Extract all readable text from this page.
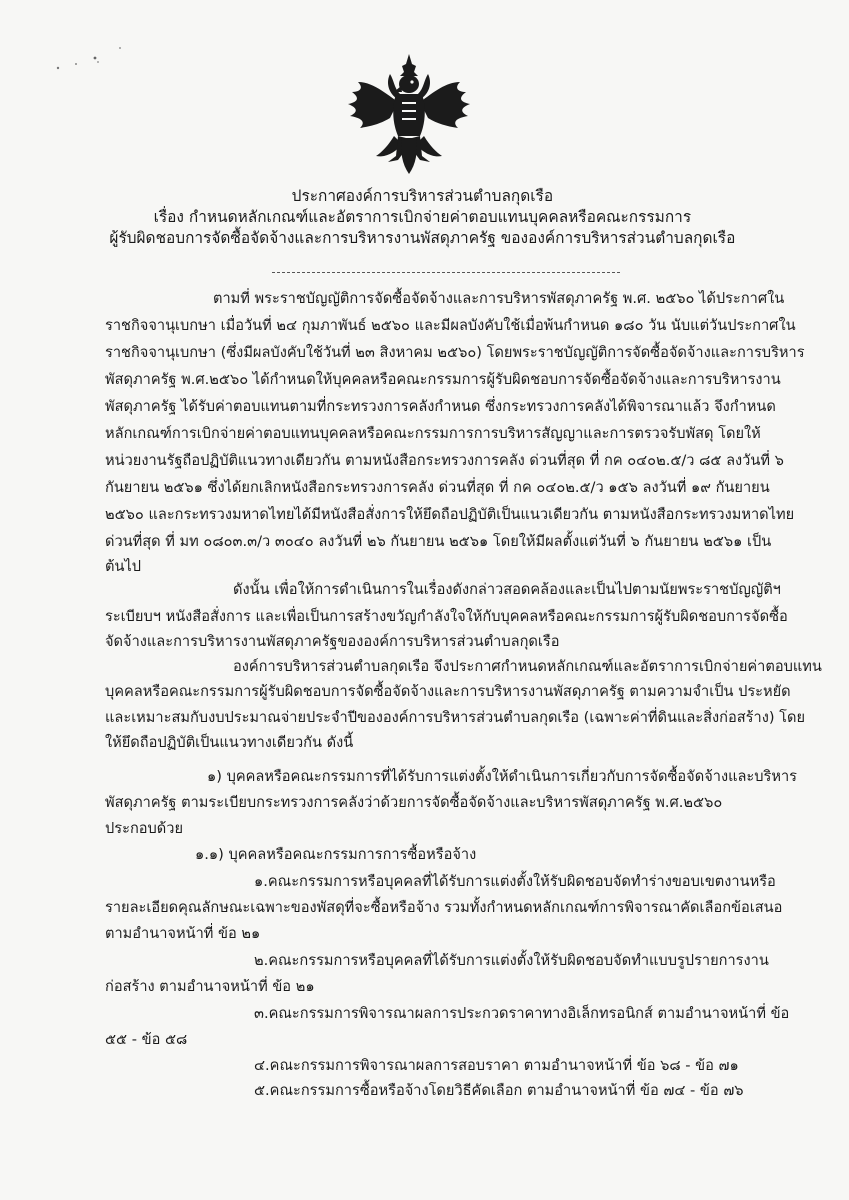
ประกาศองค์การบริหารส่วนตำบลกุดเรือ
เรื่อง กำหนดหลักเกณฑ์และอัตราการเบิกจ่ายค่าตอบแทนบุคคลหรือคณะกรรมการ
ผู้รับผิดชอบการจัดซื้อจัดจ้างและการบริหารงานพัสดุภาครัฐ ขององค์การบริหารส่วนตำบลกุดเรือ
ตามที่ พระราชบัญญัติการจัดซื้อจัดจ้างและการบริหารพัสดุภาครัฐ พ.ศ. ๒๕๖๐ ได้ประกาศใน
ราชกิจจานุเบกษา เมื่อวันที่ ๒๔ กุมภาพันธ์ ๒๕๖๐ และมีผลบังคับใช้เมื่อพ้นกำหนด ๑๘๐ วัน นับแต่วันประกาศใน
ราชกิจจานุเบกษา (ซึ่งมีผลบังคับใช้วันที่ ๒๓ สิงหาคม ๒๕๖๐) โดยพระราชบัญญัติการจัดซื้อจัดจ้างและการบริหาร
พัสดุภาครัฐ พ.ศ.๒๕๖๐ ได้กำหนดให้บุคคลหรือคณะกรรมการผู้รับผิดชอบการจัดซื้อจัดจ้างและการบริหารงาน
พัสดุภาครัฐ ได้รับค่าตอบแทนตามที่กระทรวงการคลังกำหนด ซึ่งกระทรวงการคลังได้พิจารณาแล้ว จึงกำหนด
หลักเกณฑ์การเบิกจ่ายค่าตอบแทนบุคคลหรือคณะกรรมการการบริหารสัญญาและการตรวจรับพัสดุ โดยให้
หน่วยงานรัฐถือปฏิบัติแนวทางเดียวกัน ตามหนังสือกระทรวงการคลัง ด่วนที่สุด ที่ กค ๐๔๐๒.๕/ว ๘๕ ลงวันที่ ๖
กันยายน ๒๕๖๑ ซึ่งได้ยกเลิกหนังสือกระทรวงการคลัง ด่วนที่สุด ที่ กค ๐๔๐๒.๕/ว ๑๕๖ ลงวันที่ ๑๙ กันยายน
๒๕๖๐ และกระทรวงมหาดไทยได้มีหนังสือสั่งการให้ยึดถือปฏิบัติเป็นแนวเดียวกัน ตามหนังสือกระทรวงมหาดไทย
ด่วนที่สุด ที่ มท ๐๘๐๓.๓/ว ๓๐๔๐ ลงวันที่ ๒๖ กันยายน ๒๕๖๑ โดยให้มีผลตั้งแต่วันที่ ๖ กันยายน ๒๕๖๑ เป็น
ต้นไป
ดังนั้น เพื่อให้การดำเนินการในเรื่องดังกล่าวสอดคล้องและเป็นไปตามนัยพระราชบัญญัติฯ
ระเบียบฯ หนังสือสั่งการ และเพื่อเป็นการสร้างขวัญกำลังใจให้กับบุคคลหรือคณะกรรมการผู้รับผิดชอบการจัดซื้อ
จัดจ้างและการบริหารงานพัสดุภาครัฐขององค์การบริหารส่วนตำบลกุดเรือ
องค์การบริหารส่วนตำบลกุดเรือ จึงประกาศกำหนดหลักเกณฑ์และอัตราการเบิกจ่ายค่าตอบแทน
บุคคลหรือคณะกรรมการผู้รับผิดชอบการจัดซื้อจัดจ้างและการบริหารงานพัสดุภาครัฐ ตามความจำเป็น ประหยัด
และเหมาะสมกับงบประมาณจ่ายประจำปีขององค์การบริหารส่วนตำบลกุดเรือ (เฉพาะค่าที่ดินและสิ่งก่อสร้าง) โดย
ให้ยึดถือปฏิบัติเป็นแนวทางเดียวกัน ดังนี้
๑) บุคคลหรือคณะกรรมการที่ได้รับการแต่งตั้งให้ดำเนินการเกี่ยวกับการจัดซื้อจัดจ้างและบริหาร
พัสดุภาครัฐ ตามระเบียบกระทรวงการคลังว่าด้วยการจัดซื้อจัดจ้างและบริหารพัสดุภาครัฐ พ.ศ.๒๕๖๐
ประกอบด้วย
๑.๑) บุคคลหรือคณะกรรมการการซื้อหรือจ้าง
๑.คณะกรรมการหรือบุคคลที่ได้รับการแต่งตั้งให้รับผิดชอบจัดทำร่างขอบเขตงานหรือ
รายละเอียดคุณลักษณะเฉพาะของพัสดุที่จะซื้อหรือจ้าง รวมทั้งกำหนดหลักเกณฑ์การพิจารณาคัดเลือกข้อเสนอ
ตามอำนาจหน้าที่ ข้อ ๒๑
๒.คณะกรรมการหรือบุคคลที่ได้รับการแต่งตั้งให้รับผิดชอบจัดทำแบบรูปรายการงาน
ก่อสร้าง ตามอำนาจหน้าที่ ข้อ ๒๑
๓.คณะกรรมการพิจารณาผลการประกวดราคาทางอิเล็กทรอนิกส์ ตามอำนาจหน้าที่ ข้อ
๕๕ - ข้อ ๕๘
๔.คณะกรรมการพิจารณาผลการสอบราคา ตามอำนาจหน้าที่ ข้อ ๖๘ - ข้อ ๗๑
๕.คณะกรรมการซื้อหรือจ้างโดยวิธีคัดเลือก ตามอำนาจหน้าที่ ข้อ ๗๔ - ข้อ ๗๖
